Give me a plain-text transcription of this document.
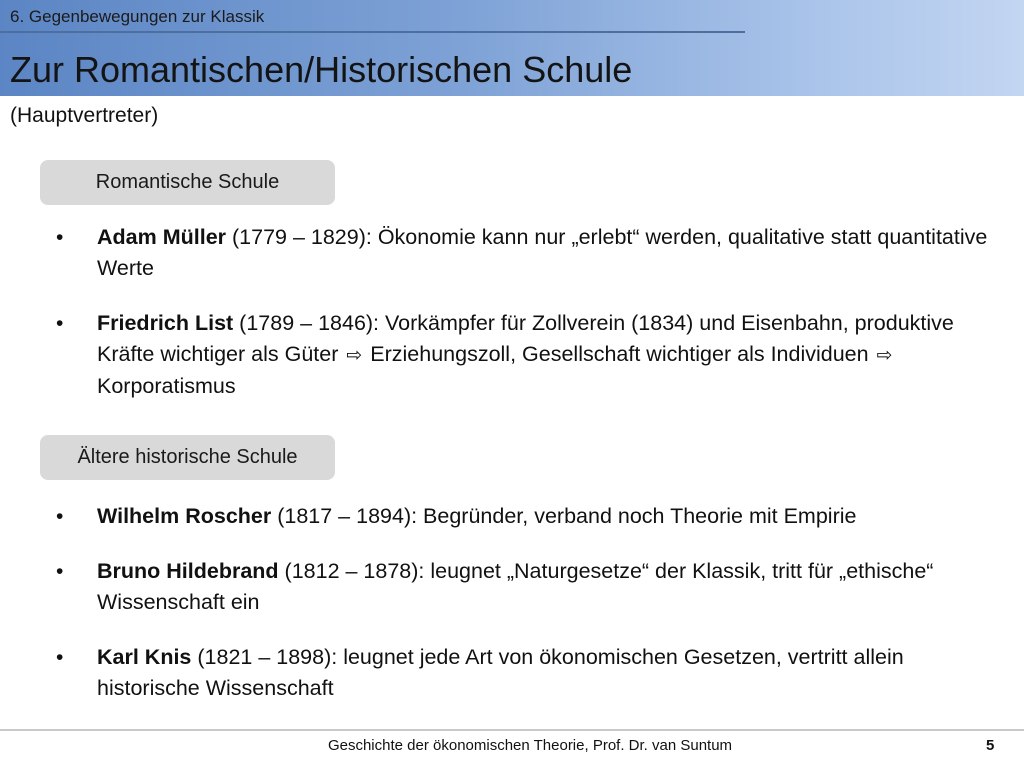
6. Gegenbewegungen zur Klassik
Zur Romantischen/Historischen Schule
(Hauptvertreter)
Romantische Schule
• Adam Müller (1779 – 1829): Ökonomie kann nur „erlebt“ werden, qualitative statt quantitative Werte
• Friedrich List (1789 – 1846): Vorkämpfer für Zollverein (1834) und Eisenbahn, produktive Kräfte wichtiger als Güter ⇨ Erziehungszoll, Gesellschaft wichtiger als Individuen ⇨ Korporatismus
Ältere historische Schule
• Wilhelm Roscher (1817 – 1894): Begründer, verband noch Theorie mit Empirie
• Bruno Hildebrand (1812 – 1878): leugnet „Naturgesetze“ der Klassik, tritt für „ethische“ Wissenschaft ein
• Karl Knis (1821 – 1898): leugnet jede Art von ökonomischen Gesetzen, vertritt allein historische Wissenschaft
Geschichte der ökonomischen Theorie, Prof. Dr. van Suntum	5
